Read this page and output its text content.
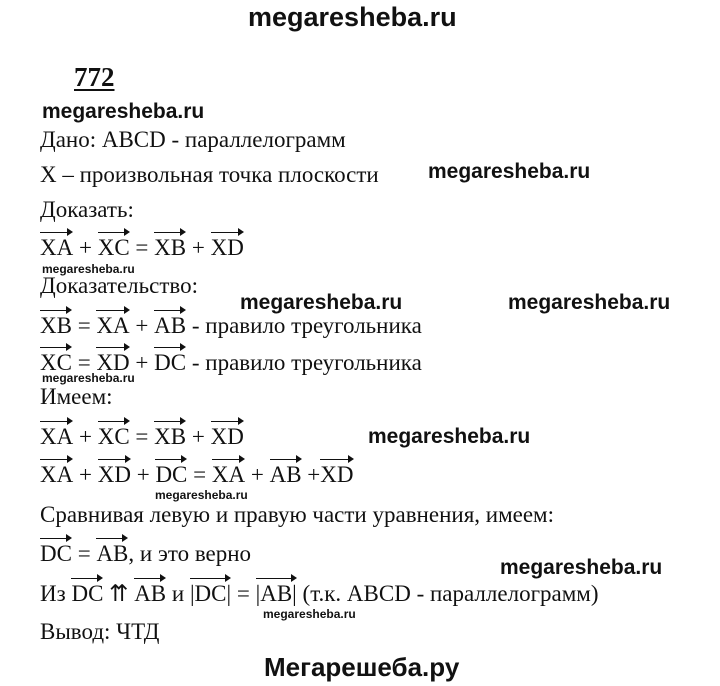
megaresheba.ru
megaresheba.ru
megaresheba.ru
megaresheba.ru
megaresheba.ru	megaresheba.ru
megaresheba.ru
megaresheba.ru
megaresheba.ru
megaresheba.ru
megaresheba.ru
772
Дано: ABCD - параллелограмм
X – произвольная точка плоскости
Доказать:
XA + XC = XB + XD
Доказательство:
XB = XA + AB - правило треугольника
XC = XD + DC - правило треугольника
Имеем:
XA + XC = XB + XD
XA + XD + DC = XA + AB +XD
Сравнивая левую и правую части уравнения, имеем:
DC = AB, и это верно
Из DC ⇈ AB и |DC| = |AB| (т.к. ABCD - параллелограмм)
Вывод: ЧТД
Мегарешеба.ру
